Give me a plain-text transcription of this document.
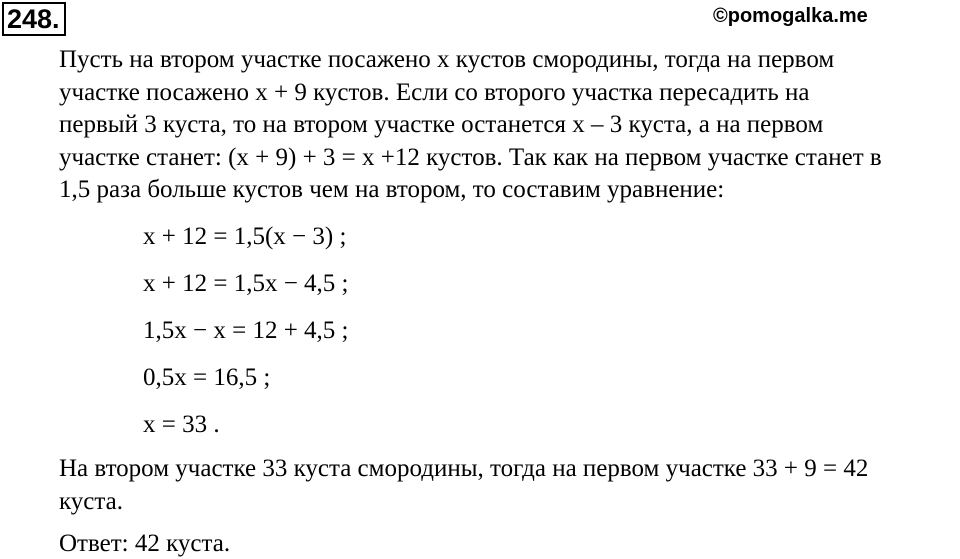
248.	©pomogalka.me
Пусть на втором участке посажено x кустов смородины, тогда на первом
участке посажено x + 9 кустов. Если со второго участка пересадить на
первый 3 куста, то на втором участке останется x – 3 куста, а на первом
участке станет: (x + 9) + 3 = x +12 кустов. Так как на первом участке станет в
1,5 раза больше кустов чем на втором, то составим уравнение:
x + 12 = 1,5(x − 3) ;
x + 12 = 1,5x − 4,5 ;
1,5x − x = 12 + 4,5 ;
0,5x = 16,5 ;
x = 33 .
На втором участке 33 куста смородины, тогда на первом участке 33 + 9 = 42
куста.
Ответ: 42 куста.
